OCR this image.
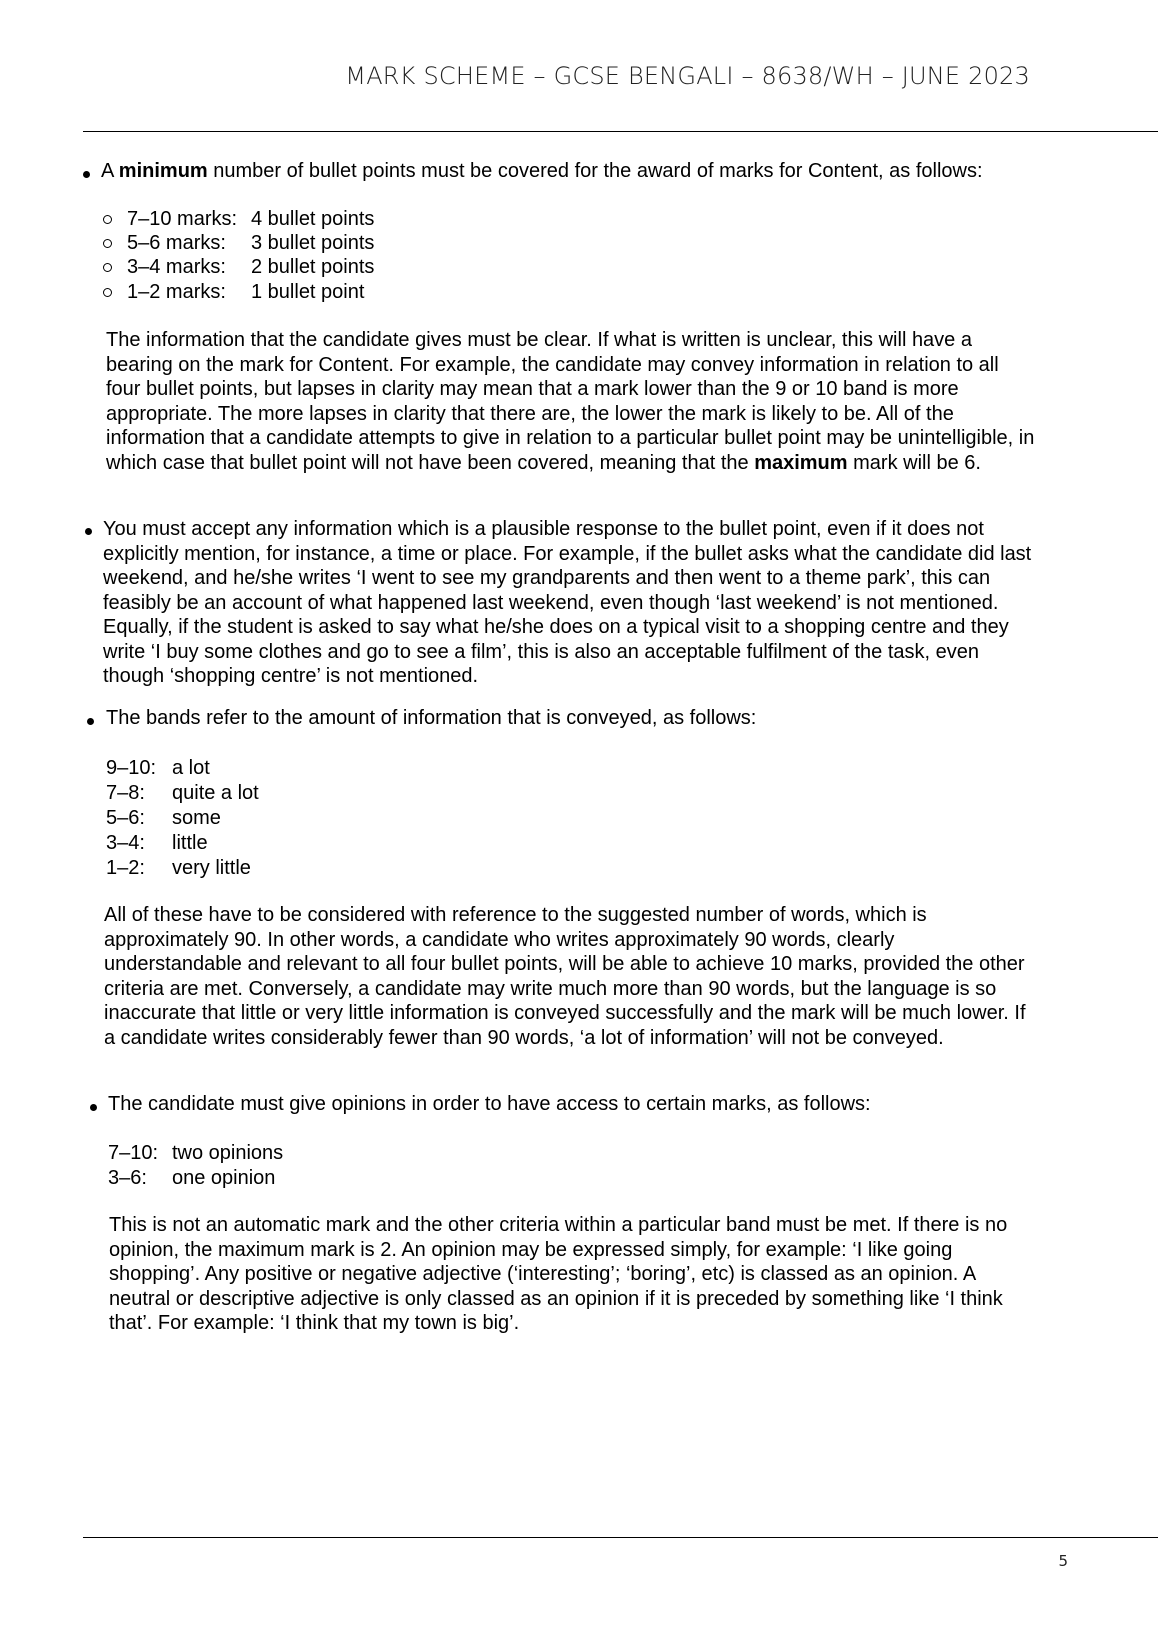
MARK SCHEME – GCSE BENGALI – 8638/WH – JUNE 2023

A minimum number of bullet points must be covered for the award of marks for Content, as follows:

7–10 marks: 4 bullet points
5–6 marks: 3 bullet points
3–4 marks: 2 bullet points
1–2 marks: 1 bullet point

The information that the candidate gives must be clear. If what is written is unclear, this will have a bearing on the mark for Content. For example, the candidate may convey information in relation to all four bullet points, but lapses in clarity may mean that a mark lower than the 9 or 10 band is more appropriate. The more lapses in clarity that there are, the lower the mark is likely to be. All of the information that a candidate attempts to give in relation to a particular bullet point may be unintelligible, in which case that bullet point will not have been covered, meaning that the maximum mark will be 6.

You must accept any information which is a plausible response to the bullet point, even if it does not explicitly mention, for instance, a time or place. For example, if the bullet asks what the candidate did last weekend, and he/she writes ‘I went to see my grandparents and then went to a theme park’, this can feasibly be an account of what happened last weekend, even though ‘last weekend’ is not mentioned. Equally, if the student is asked to say what he/she does on a typical visit to a shopping centre and they write ‘I buy some clothes and go to see a film’, this is also an acceptable fulfilment of the task, even though ‘shopping centre’ is not mentioned.

The bands refer to the amount of information that is conveyed, as follows:

9–10: a lot
7–8: quite a lot
5–6: some
3–4: little
1–2: very little

All of these have to be considered with reference to the suggested number of words, which is approximately 90. In other words, a candidate who writes approximately 90 words, clearly understandable and relevant to all four bullet points, will be able to achieve 10 marks, provided the other criteria are met. Conversely, a candidate may write much more than 90 words, but the language is so inaccurate that little or very little information is conveyed successfully and the mark will be much lower. If a candidate writes considerably fewer than 90 words, ‘a lot of information’ will not be conveyed.

The candidate must give opinions in order to have access to certain marks, as follows:

7–10: two opinions
3–6: one opinion

This is not an automatic mark and the other criteria within a particular band must be met. If there is no opinion, the maximum mark is 2. An opinion may be expressed simply, for example: ‘I like going shopping’. Any positive or negative adjective (‘interesting’; ‘boring’, etc) is classed as an opinion. A neutral or descriptive adjective is only classed as an opinion if it is preceded by something like ‘I think that’. For example: ‘I think that my town is big’.

5
